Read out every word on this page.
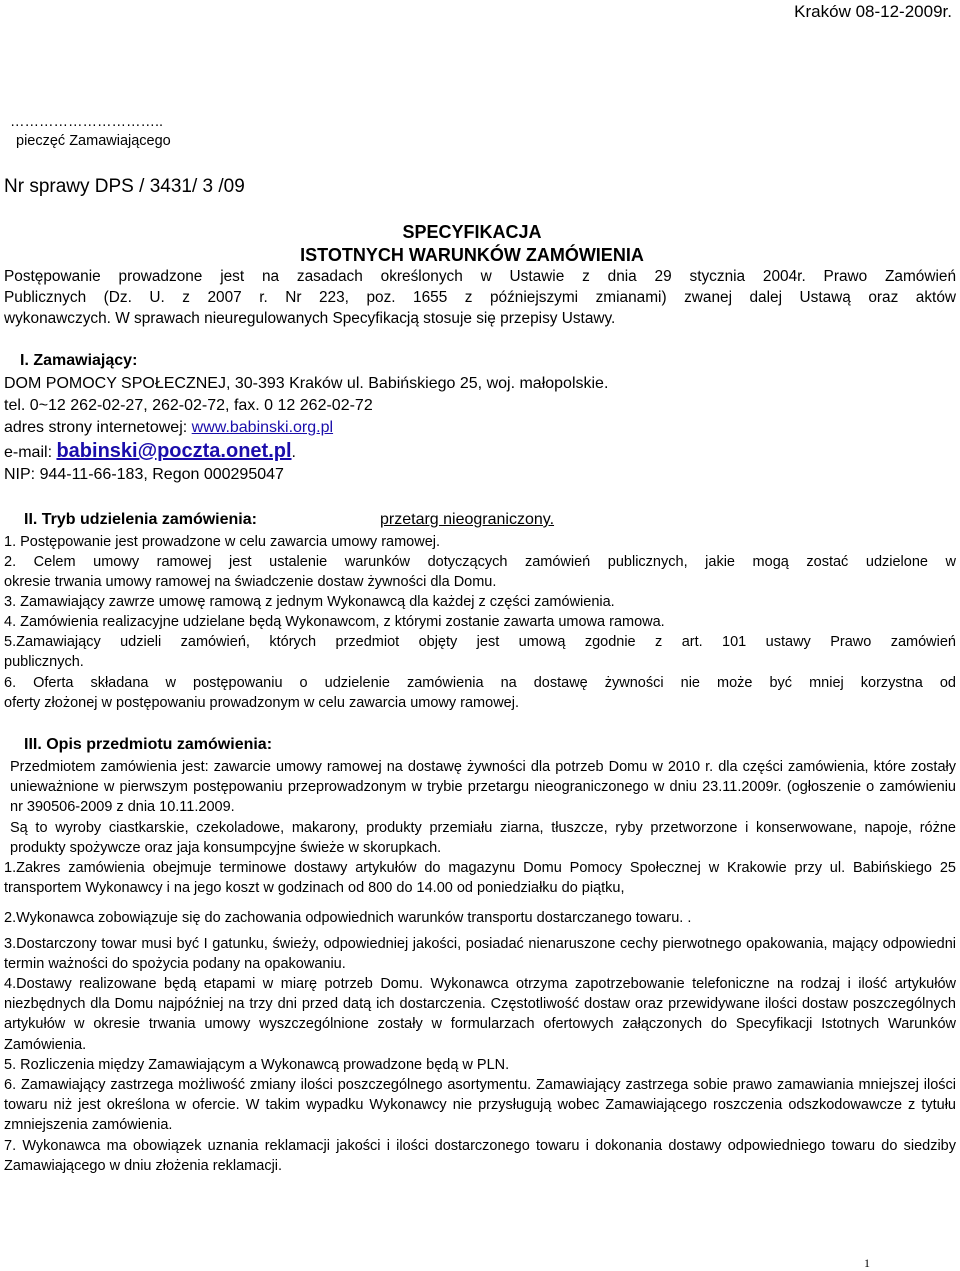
Kraków 08-12-2009r.

…………………………..

pieczęć Zamawiającego

Nr sprawy DPS / 3431/ 3 /09

SPECYFIKACJA

ISTOTNYCH WARUNKÓW ZAMÓWIENIA

Postępowanie prowadzone jest na zasadach określonych w Ustawie z dnia 29 stycznia 2004r. Prawo Zamówień

Publicznych (Dz. U. z 2007 r. Nr 223, poz. 1655 z późniejszymi zmianami) zwanej dalej Ustawą oraz aktów

wykonawczych. W sprawach nieuregulowanych Specyfikacją stosuje się przepisy Ustawy.

I. Zamawiający:

DOM POMOCY SPOŁECZNEJ, 30-393 Kraków ul. Babińskiego 25, woj. małopolskie.

tel. 0~12 262-02-27, 262-02-72, fax. 0 12 262-02-72

adres strony internetowej: www.babinski.org.pl

e-mail: babinski@poczta.onet.pl.

NIP: 944-11-66-183, Regon 000295047

II. Tryb udzielenia zamówienia:	przetarg nieograniczony.

1. Postępowanie jest prowadzone w celu zawarcia umowy ramowej.

2. Celem umowy ramowej jest ustalenie warunków dotyczących zamówień publicznych, jakie mogą zostać udzielone w

okresie trwania umowy ramowej na świadczenie dostaw żywności dla Domu.

3. Zamawiający zawrze umowę ramową z jednym Wykonawcą dla każdej z części zamówienia.

4. Zamówienia realizacyjne udzielane będą Wykonawcom, z którymi zostanie zawarta umowa ramowa.

5.Zamawiający udzieli zamówień, których przedmiot objęty jest umową zgodnie z art. 101 ustawy Prawo zamówień

publicznych.

6. Oferta składana w postępowaniu o udzielenie zamówienia na dostawę żywności nie może być mniej korzystna od

oferty złożonej w postępowaniu prowadzonym w celu zawarcia umowy ramowej.

III. Opis przedmiotu zamówienia:

Przedmiotem zamówienia jest: zawarcie umowy ramowej na dostawę żywności dla potrzeb Domu w 2010 r. dla części zamówienia, które zostały unieważnione w pierwszym postępowaniu przeprowadzonym w trybie przetargu nieograniczonego w dniu 23.11.2009r. (ogłoszenie o zamówieniu nr 390506-2009 z dnia 10.11.2009.

Są to wyroby ciastkarskie, czekoladowe, makarony, produkty przemiału ziarna, tłuszcze, ryby przetworzone i konserwowane, napoje, różne produkty spożywcze oraz jaja konsumpcyjne świeże w skorupkach.

1.Zakres zamówienia obejmuje terminowe dostawy artykułów do magazynu Domu Pomocy Społecznej w Krakowie przy ul. Babińskiego 25 transportem Wykonawcy i na jego koszt w godzinach od 800 do 14.00 od poniedziałku do piątku,

2.Wykonawca zobowiązuje się do zachowania odpowiednich warunków transportu dostarczanego towaru. .

3.Dostarczony towar musi być I gatunku, świeży, odpowiedniej jakości, posiadać nienaruszone cechy pierwotnego opakowania, mający odpowiedni termin ważności do spożycia podany na opakowaniu.

4.Dostawy realizowane będą etapami w miarę potrzeb Domu. Wykonawca otrzyma zapotrzebowanie telefoniczne na rodzaj i ilość artykułów niezbędnych dla Domu najpóźniej na trzy dni przed datą ich dostarczenia. Częstotliwość dostaw oraz przewidywane ilości dostaw poszczególnych artykułów w okresie trwania umowy wyszczególnione zostały w formularzach ofertowych załączonych do Specyfikacji Istotnych Warunków Zamówienia.

5. Rozliczenia między Zamawiającym a Wykonawcą prowadzone będą w PLN.

6. Zamawiający zastrzega możliwość zmiany ilości poszczególnego asortymentu. Zamawiający zastrzega sobie prawo zamawiania mniejszej ilości towaru niż jest określona w ofercie. W takim wypadku Wykonawcy nie przysługują wobec Zamawiającego roszczenia odszkodowawcze z tytułu zmniejszenia zamówienia.

7. Wykonawca ma obowiązek uznania reklamacji jakości i ilości dostarczonego towaru i dokonania dostawy odpowiedniego towaru do siedziby Zamawiającego w dniu złożenia reklamacji.

1
